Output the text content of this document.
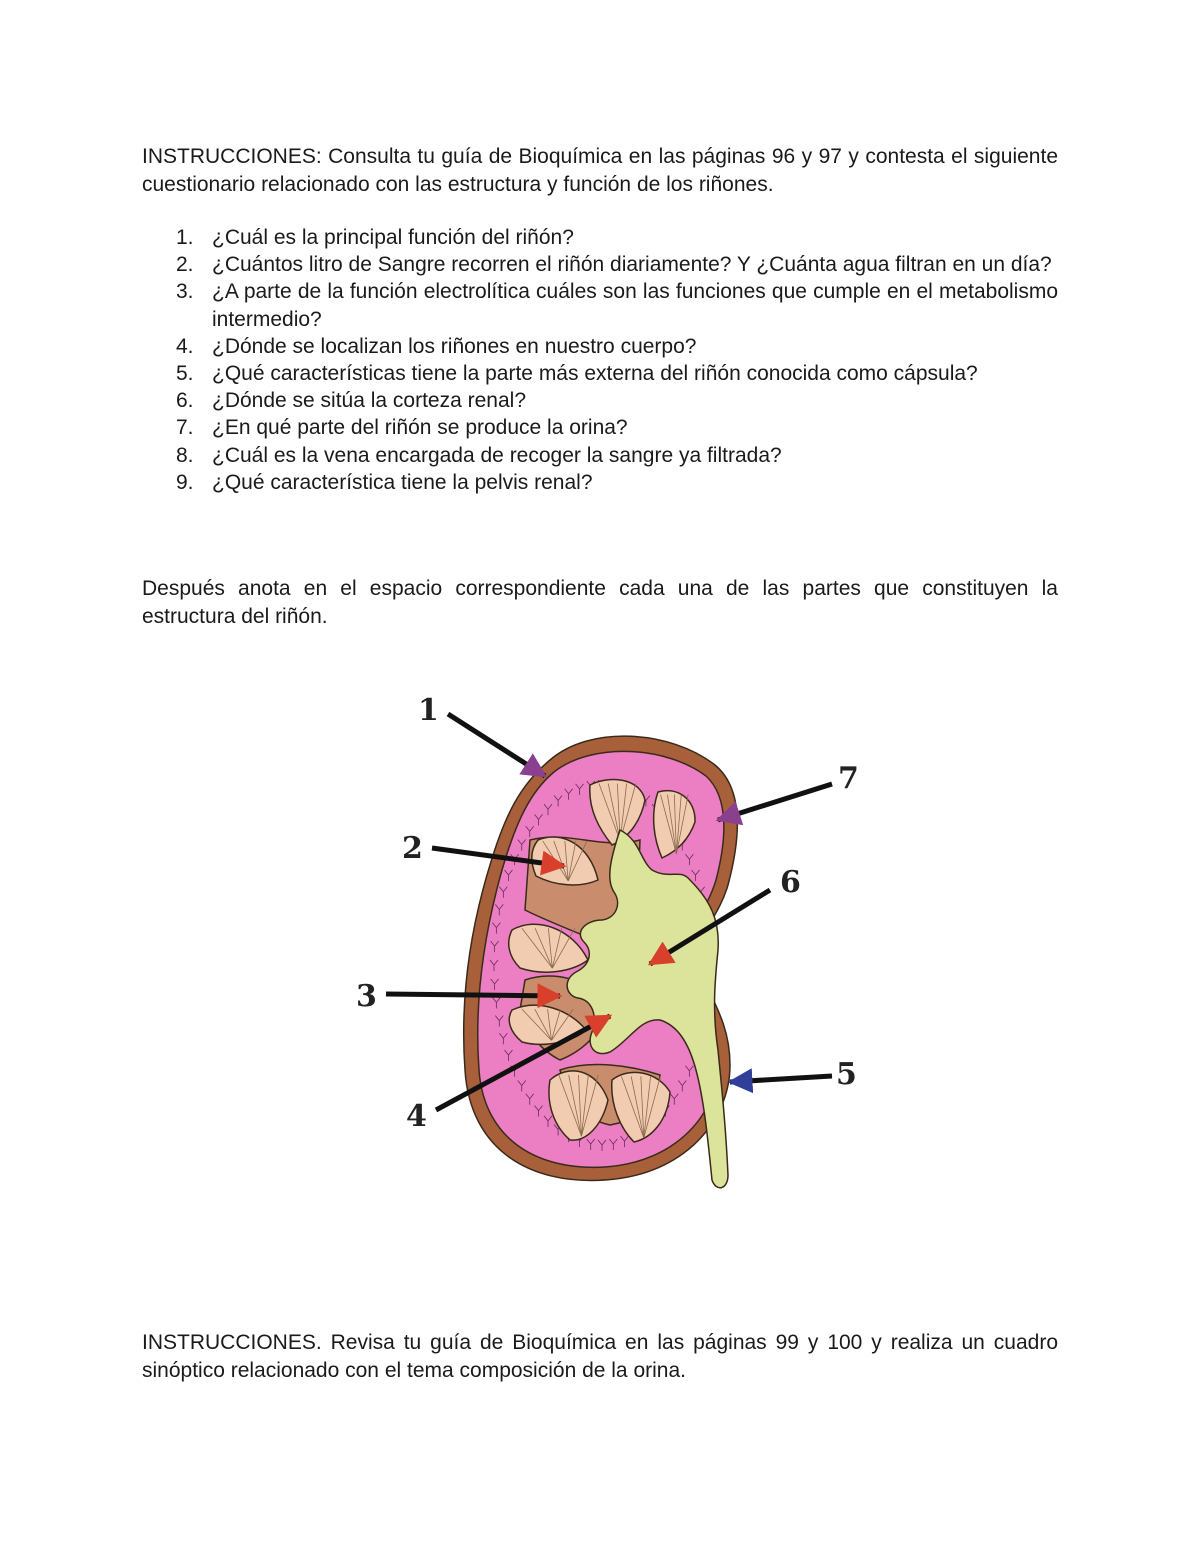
INSTRUCCIONES: Consulta tu guía de Bioquímica en las páginas 96 y 97 y contesta el siguiente cuestionario relacionado con las estructura y función de los riñones.

1. ¿Cuál es la principal función del riñón?
2. ¿Cuántos litro de Sangre recorren el riñón diariamente? Y ¿Cuánta agua filtran en un día?
3. ¿A parte de la función electrolítica cuáles son las funciones que cumple en el metabolismo intermedio?
4. ¿Dónde se localizan los riñones en nuestro cuerpo?
5. ¿Qué características tiene la parte más externa del riñón conocida como cápsula?
6. ¿Dónde se sitúa la corteza renal?
7. ¿En qué parte del riñón se produce la orina?
8. ¿Cuál es la vena encargada de recoger la sangre ya filtrada?
9. ¿Qué característica tiene la pelvis renal?

Después anota en el espacio correspondiente cada una de las partes que constituyen la estructura del riñón.

1
2
3
4
5
6
7

INSTRUCCIONES. Revisa tu guía de Bioquímica en las páginas 99 y 100 y realiza un cuadro sinóptico relacionado con el tema composición de la orina.
